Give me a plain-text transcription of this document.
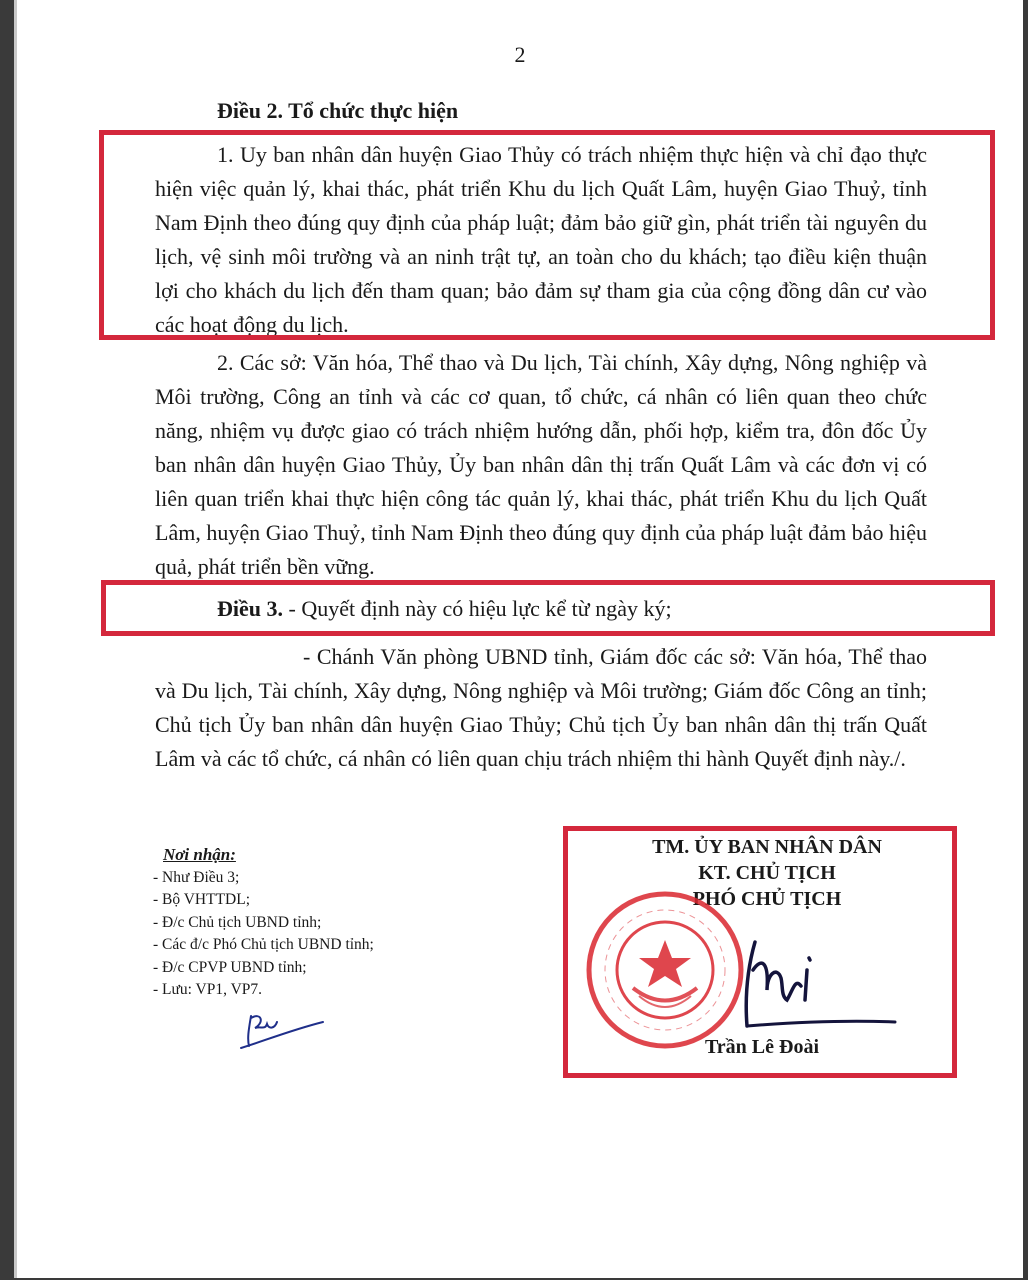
2
Điều 2. Tổ chức thực hiện
1. Uy ban nhân dân huyện Giao Thủy có trách nhiệm thực hiện và chỉ đạo thực hiện việc quản lý, khai thác, phát triển Khu du lịch Quất Lâm, huyện Giao Thuỷ, tỉnh Nam Định theo đúng quy định của pháp luật; đảm bảo giữ gìn, phát triển tài nguyên du lịch, vệ sinh môi trường và an ninh trật tự, an toàn cho du khách; tạo điều kiện thuận lợi cho khách du lịch đến tham quan; bảo đảm sự tham gia của cộng đồng dân cư vào các hoạt động du lịch.
2. Các sở: Văn hóa, Thể thao và Du lịch, Tài chính, Xây dựng, Nông nghiệp và Môi trường, Công an tỉnh và các cơ quan, tổ chức, cá nhân có liên quan theo chức năng, nhiệm vụ được giao có trách nhiệm hướng dẫn, phối hợp, kiểm tra, đôn đốc Ủy ban nhân dân huyện Giao Thủy, Ủy ban nhân dân thị trấn Quất Lâm và các đơn vị có liên quan triển khai thực hiện công tác quản lý, khai thác, phát triển Khu du lịch Quất Lâm, huyện Giao Thuỷ, tỉnh Nam Định theo đúng quy định của pháp luật đảm bảo hiệu quả, phát triển bền vững.
Điều 3. - Quyết định này có hiệu lực kể từ ngày ký;
- Chánh Văn phòng UBND tỉnh, Giám đốc các sở: Văn hóa, Thể thao và Du lịch, Tài chính, Xây dựng, Nông nghiệp và Môi trường; Giám đốc Công an tỉnh; Chủ tịch Ủy ban nhân dân huyện Giao Thủy; Chủ tịch Ủy ban nhân dân thị trấn Quất Lâm và các tổ chức, cá nhân có liên quan chịu trách nhiệm thi hành Quyết định này./.
Nơi nhận:
- Như Điều 3;
- Bộ VHTTDL;
- Đ/c Chủ tịch UBND tỉnh;
- Các đ/c Phó Chủ tịch UBND tỉnh;
- Đ/c CPVP UBND tỉnh;
- Lưu: VP1, VP7.
TM. ỦY BAN NHÂN DÂN
KT. CHỦ TỊCH
PHÓ CHỦ TỊCH
Trần Lê Đoài
